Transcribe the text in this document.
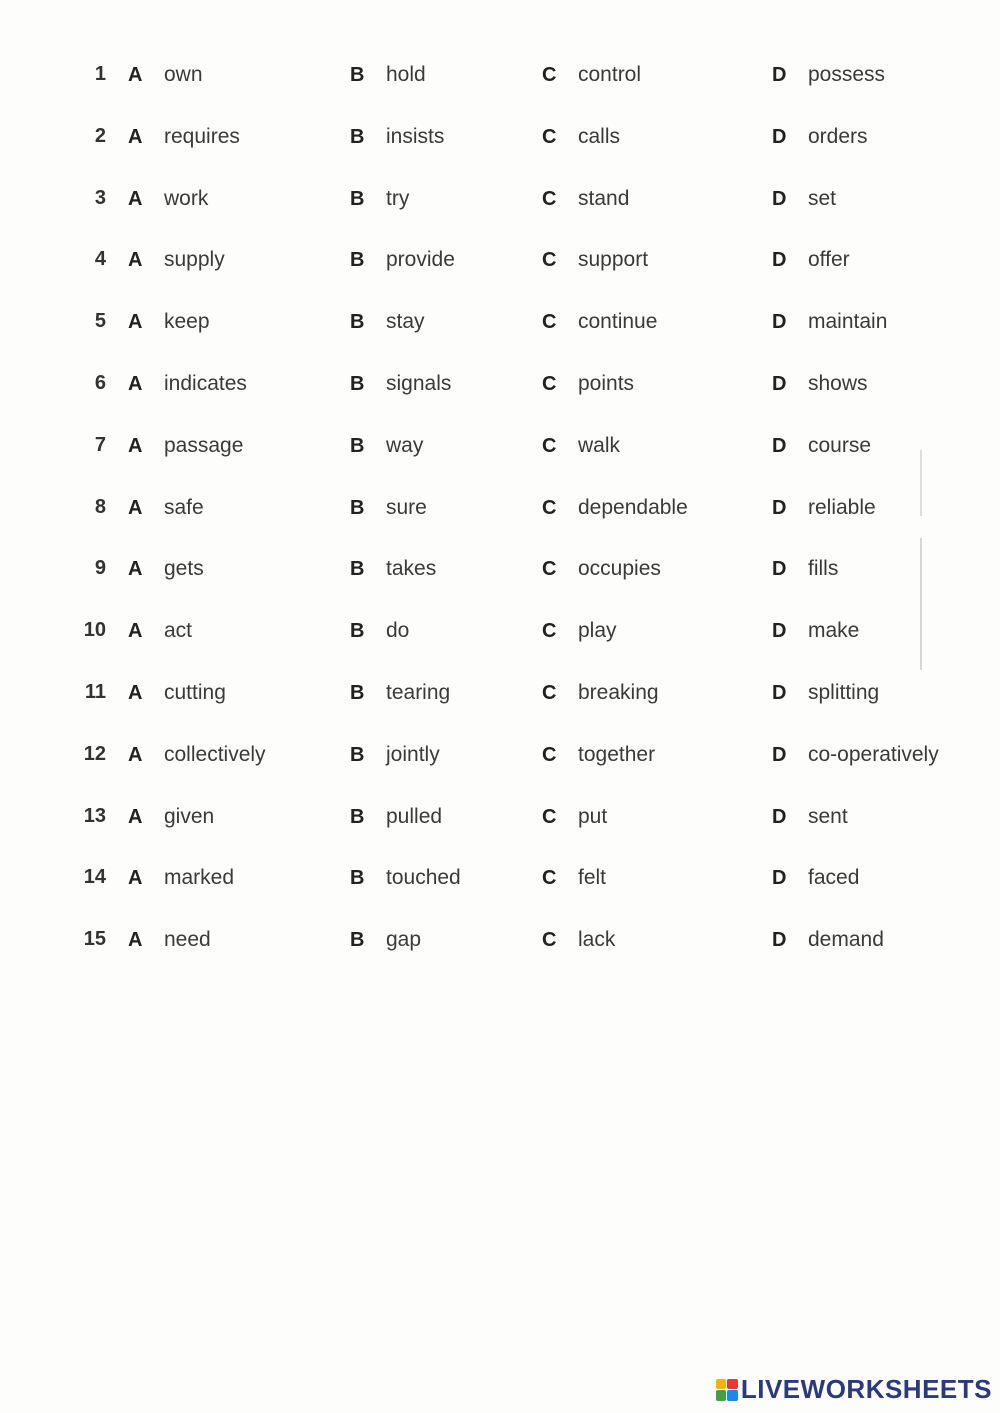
1 A	own	B	hold	C	control	D	possess
2 A	requires	B	insists	C	calls	D	orders
3 A	work	B	try	C	stand	D	set
4 A	supply	B	provide	C	support	D	offer
5 A	keep	B	stay	C	continue	D	maintain
6 A	indicates	B	signals	C	points	D	shows
7 A	passage	B	way	C	walk	D	course
8 A	safe	B	sure	C	dependable	D	reliable
9 A	gets	B	takes	C	occupies	D	fills
10 A	act	B	do	C	play	D	make
11 A	cutting	B	tearing	C	breaking	D	splitting
12 A	collectively	B	jointly	C	together	D	co-operatively
13 A	given	B	pulled	C	put	D	sent
14 A	marked	B	touched	C	felt	D	faced
15 A	need	B	gap	C	lack	D	demand
LIVEWORKSHEETS
